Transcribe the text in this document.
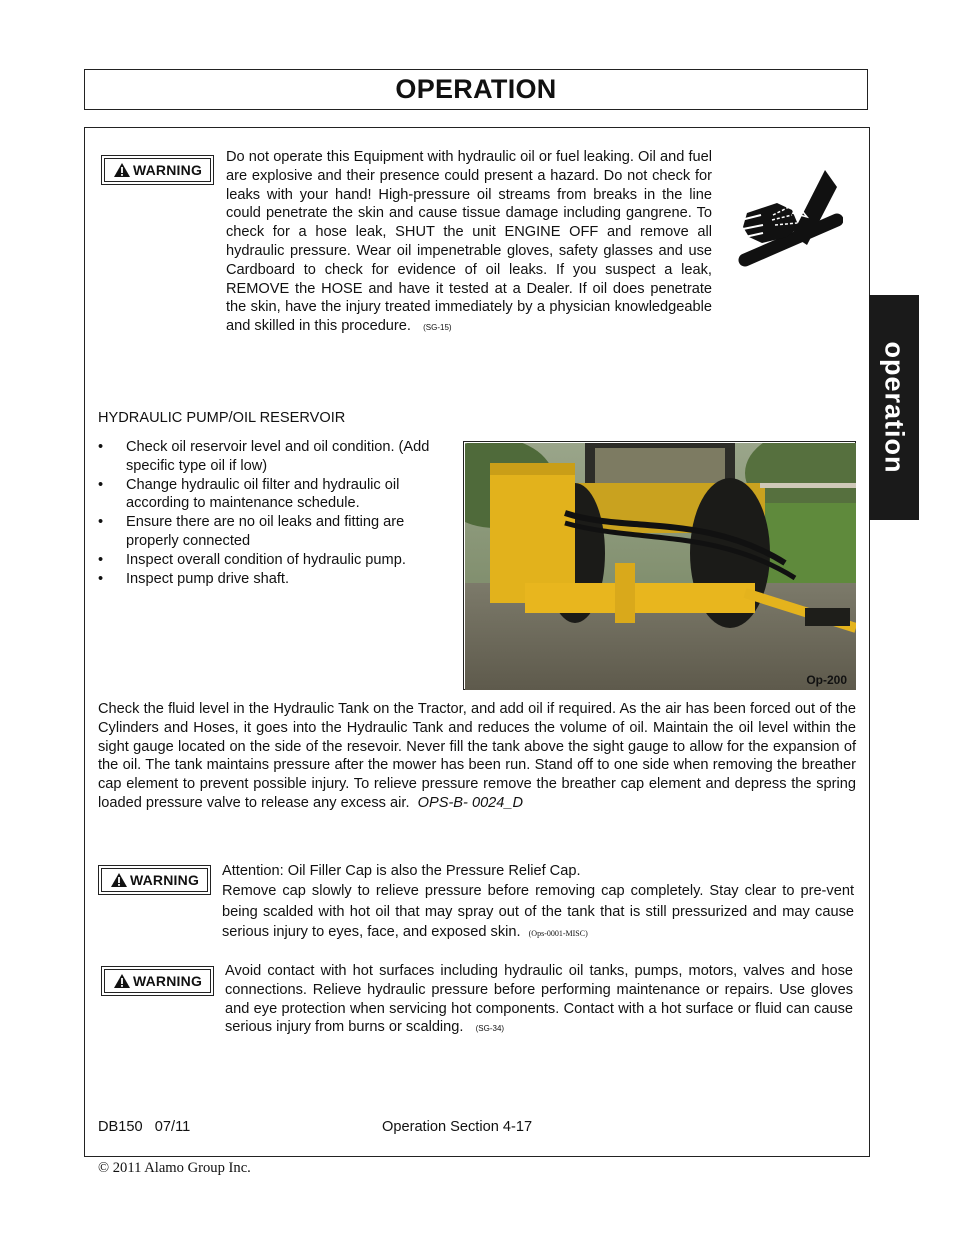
OPERATION
operation
WARNING

Do not operate this Equipment with hydraulic oil or fuel leaking. Oil and fuel are explosive and their presence could present a hazard. Do not check for leaks with your hand! High-pressure oil streams from breaks in the line could penetrate the skin and cause tissue damage including gangrene. To check for a hose leak, SHUT the unit ENGINE OFF and remove all hydraulic pressure. Wear oil impenetrable gloves, safety glasses and use Cardboard to check for evidence of oil leaks. If you suspect a leak, REMOVE the HOSE and have it tested at a Dealer. If oil does penetrate the skin, have the injury treated immediately by a physician knowledgeable and skilled in this procedure. (SG-15)

HYDRAULIC PUMP/OIL RESERVOIR
• Check oil reservoir level and oil condition. (Add specific type oil if low)
• Change hydraulic oil filter and hydraulic oil according to maintenance schedule.
• Ensure there are no oil leaks and fitting are properly connected
• Inspect overall condition of hydraulic pump.
• Inspect pump drive shaft.
Op-200

Check the fluid level in the Hydraulic Tank on the Tractor, and add oil if required. As the air has been forced out of the Cylinders and Hoses, it goes into the Hydraulic Tank and reduces the volume of oil. Maintain the oil level within the sight gauge located on the side of the resevoir. Never fill the tank above the sight gauge to allow for the expansion of the oil. The tank maintains pressure after the mower has been run. Stand off to one side when removing the breather cap element to prevent possible injury. To relieve pressure remove the breather cap element and depress the spring loaded pressure valve to release any excess air. OPS-B- 0024_D

WARNING

Attention: Oil Filler Cap is also the Pressure Relief Cap.

Remove cap slowly to relieve pressure before removing cap completely. Stay clear to pre-vent being scalded with hot oil that may spray out of the tank that is still pressurized and may cause serious injury to eyes, face, and exposed skin. (Ops-0001-MISC)

WARNING

Avoid contact with hot surfaces including hydraulic oil tanks, pumps, motors, valves and hose connections. Relieve hydraulic pressure before performing maintenance or repairs. Use gloves and eye protection when servicing hot components. Contact with a hot surface or fluid can cause serious injury from burns or scalding. (SG-34)

DB150   07/11	Operation Section 4-17
© 2011 Alamo Group Inc.
